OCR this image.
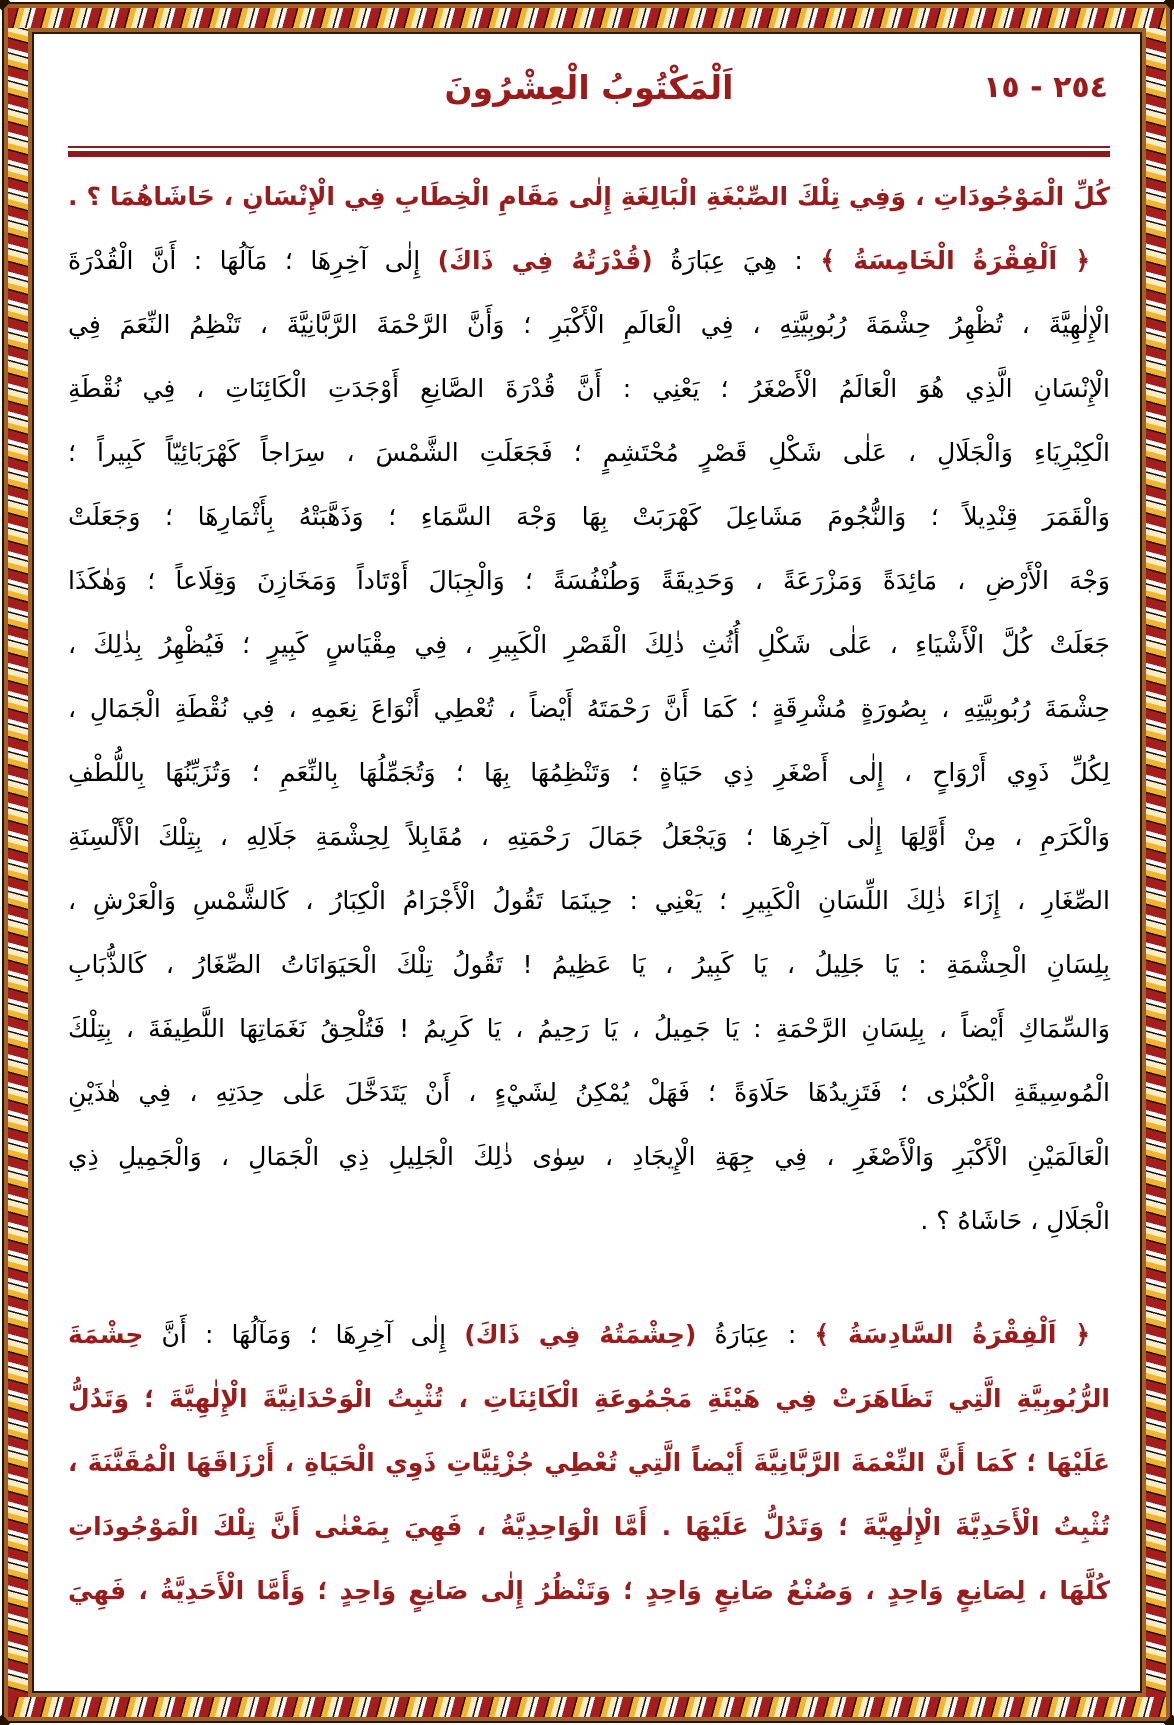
اَلْمَكْتُوبُ الْعِشْرُونَ	٢٥٤ - ١٥
كُلِّ الْمَوْجُودَاتِ ، وَفِي تِلْكَ الصِّبْغَةِ الْبَالِغَةِ إِلٰى مَقَامِ الْخِطَابِ فِي الْإِنْسَانِ ، حَاشَاهُمَا ؟ .
﴿ اَلْفِقْرَةُ الْخَامِسَةُ ﴾ : هِيَ عِبَارَةُ (قُدْرَتُهُ فِي ذَاكَ) إِلٰى آخِرِهَا ؛ مَآلُهَا : أَنَّ الْقُدْرَةَ
الْإِلٰهِيَّةَ ، تُظْهِرُ حِشْمَةَ رُبُوبِيَّتِهِ ، فِي الْعَالَمِ الْأَكْبَرِ ؛ وَأَنَّ الرَّحْمَةَ الرَّبَّانِيَّةَ ، تَنْظِمُ النِّعَمَ فِي
الْإِنْسَانِ الَّذِي هُوَ الْعَالَمُ الْأَصْغَرُ ؛ يَعْنِي : أَنَّ قُدْرَةَ الصَّانِعِ أَوْجَدَتِ الْكَائِنَاتِ ، فِي نُقْطَةِ
الْكِبْرِيَاءِ وَالْجَلَالِ ، عَلٰى شَكْلِ قَصْرٍ مُحْتَشِمٍ ؛ فَجَعَلَتِ الشَّمْسَ ، سِرَاجاً كَهْرَبَائِيّاً كَبِيراً ؛
وَالْقَمَرَ قِنْدِيلاً ؛ وَالنُّجُومَ مَشَاعِلَ كَهْرَبَتْ بِهَا وَجْهَ السَّمَاءِ ؛ وَذَهَّبَتْهُ بِأَثْمَارِهَا ؛ وَجَعَلَتْ
وَجْهَ الْأَرْضِ ، مَائِدَةً وَمَزْرَعَةً ، وَحَدِيقَةً وَطُنْفُسَةً ؛ وَالْجِبَالَ أَوْتَاداً وَمَخَازِنَ وَقِلَاعاً ؛ وَهٰكَذَا
جَعَلَتْ كُلَّ الْأَشْيَاءِ ، عَلٰى شَكْلِ أُثُثِ ذٰلِكَ الْقَصْرِ الْكَبِيرِ ، فِي مِقْيَاسٍ كَبِيرٍ ؛ فَيُظْهِرُ بِذٰلِكَ ،
حِشْمَةَ رُبُوبِيَّتِهِ ، بِصُورَةٍ مُشْرِقَةٍ ؛ كَمَا أَنَّ رَحْمَتَهُ أَيْضاً ، تُعْطِي أَنْوَاعَ نِعَمِهِ ، فِي نُقْطَةِ الْجَمَالِ ،
لِكُلِّ ذَوِي أَرْوَاحٍ ، إِلٰى أَصْغَرِ ذِي حَيَاةٍ ؛ وَتَنْظِمُهَا بِهَا ؛ وَتُجَمِّلُهَا بِالنِّعَمِ ؛ وَتُزَيِّنُهَا بِاللُّطْفِ
وَالْكَرَمِ ، مِنْ أَوَّلِهَا إِلٰى آخِرِهَا ؛ وَيَجْعَلُ جَمَالَ رَحْمَتِهِ ، مُقَابِلاً لِحِشْمَةِ جَلَالِهِ ، بِتِلْكَ الْأَلْسِنَةِ
الصِّغَارِ ، إِزَاءَ ذٰلِكَ اللِّسَانِ الْكَبِيرِ ؛ يَعْنِي : حِينَمَا تَقُولُ الْأَجْرَامُ الْكِبَارُ ، كَالشَّمْسِ وَالْعَرْشِ ،
بِلِسَانِ الْحِشْمَةِ : يَا جَلِيلُ ، يَا كَبِيرُ ، يَا عَظِيمُ ! تَقُولُ تِلْكَ الْحَيَوَانَاتُ الصِّغَارُ ، كَالذُّبَابِ
وَالسِّمَاكِ أَيْضاً ، بِلِسَانِ الرَّحْمَةِ : يَا جَمِيلُ ، يَا رَحِيمُ ، يَا كَرِيمُ ! فَتُلْحِقُ نَغَمَاتِهَا اللَّطِيفَةَ ، بِتِلْكَ
الْمُوسِيقَةِ الْكُبْرٰى ؛ فَتَزِيدُهَا حَلَاوَةً ؛ فَهَلْ يُمْكِنُ لِشَيْءٍ ، أَنْ يَتَدَخَّلَ عَلٰى حِدَتِهِ ، فِي هٰذَيْنِ
الْعَالَمَيْنِ الْأَكْبَرِ وَالْأَصْغَرِ ، فِي جِهَةِ الْإِيجَادِ ، سِوٰى ذٰلِكَ الْجَلِيلِ ذِي الْجَمَالِ ، وَالْجَمِيلِ ذِي
الْجَلَالِ ، حَاشَاهُ ؟ .
﴿ اَلْفِقْرَةُ السَّادِسَةُ ﴾ : عِبَارَةُ (حِشْمَتُهُ فِي ذَاكَ) إِلٰى آخِرِهَا ؛ وَمَآلُهَا : أَنَّ حِشْمَةَ
الرُّبُوبِيَّةِ الَّتِي تَظَاهَرَتْ فِي هَيْئَةِ مَجْمُوعَةِ الْكَائِنَاتِ ، تُثْبِتُ الْوَحْدَانِيَّةَ الْإِلٰهِيَّةَ ؛ وَتَدُلُّ
عَلَيْهَا ؛ كَمَا أَنَّ النِّعْمَةَ الرَّبَّانِيَّةَ أَيْضاً الَّتِي تُعْطِي جُزْئِيَّاتِ ذَوِي الْحَيَاةِ ، أَرْزَاقَهَا الْمُقَنَّنَةَ ،
تُثْبِتُ الْأَحَدِيَّةَ الْإِلٰهِيَّةَ ؛ وَتَدُلُّ عَلَيْهَا . أَمَّا الْوَاحِدِيَّةُ ، فَهِيَ بِمَعْنٰى أَنَّ تِلْكَ الْمَوْجُودَاتِ
كُلَّهَا ، لِصَانِعٍ وَاحِدٍ ، وَصُنْعُ صَانِعٍ وَاحِدٍ ؛ وَتَنْظُرُ إِلٰى صَانِعٍ وَاحِدٍ ؛ وَأَمَّا الْأَحَدِيَّةُ ، فَهِيَ
